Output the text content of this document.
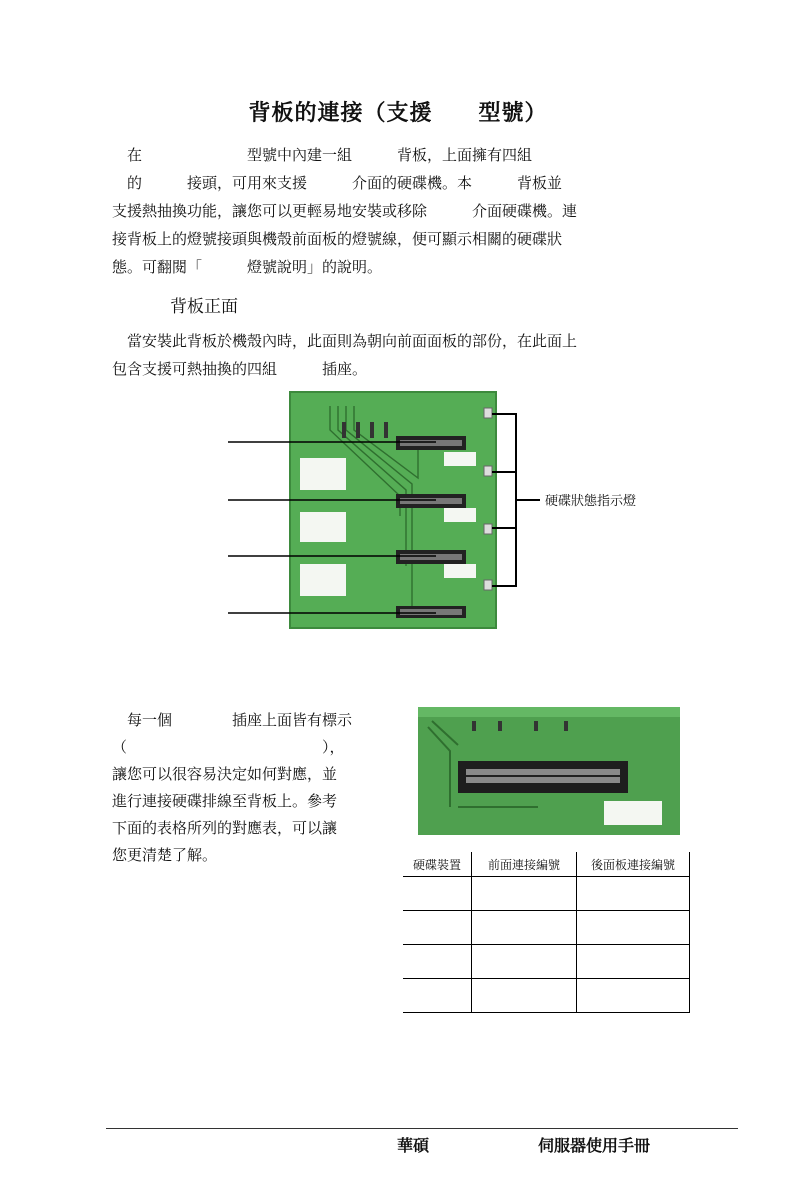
背板的連接（支援　　型號）

　在　　　　　　　型號中內建一組　　　背板，上面擁有四組

　的　　　接頭，可用來支援　　　介面的硬碟機。本　　　背板並

支援熱抽換功能，讓您可以更輕易地安裝或移除　　　介面硬碟機。連

接背板上的燈號接頭與機殼前面板的燈號線，便可顯示相關的硬碟狀

態。可翻閱「　　　燈號說明」的說明。

背板正面

　當安裝此背板於機殼內時，此面則為朝向前面面板的部份，在此面上

包含支援可熱抽換的四組　　　插座。

硬碟狀態指示燈

　每一個　　　　插座上面皆有標示

（　　　　　　　　　　　　　），

讓您可以很容易決定如何對應，並

進行連接硬碟排線至背板上。參考

下面的表格所列的對應表，可以讓

您更清楚了解。

硬碟裝置	前面連接編號	後面板連接編號

華碩	伺服器使用手冊
